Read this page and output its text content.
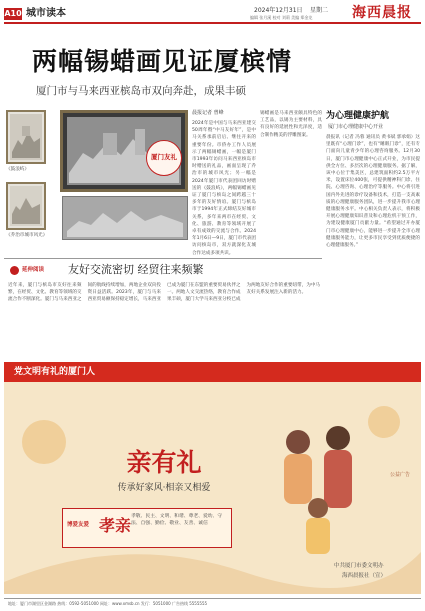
A10 城市读本	2024年12月31日 星期二
编辑 张月溪 校对 刘莉 美编 郑金龙	海西晨报
两幅锡蜡画见证厦槟情
厦门市与马来西亚槟岛市双向奔赴，成果丰硕
《鼓浪屿》
《乔治市城市风光》
厦门友礼
晨报记者 曾峰
2024年是中国与马来西亚建交50周年暨“中马友好年”，是中马关系承前启后、继往开来的重要年份。市侨办工作人员展示了两幅锡蜡画，一幅是厦门市1993年访问马来西亚槟岛市时赠送的礼品，画面呈现了乔治市的城市风光；另一幅是2024年厦门市代表团回访时赠送的《鼓浪屿》，两幅锡蜡画见证了厦门与槟岛之间跨越三十多年的友好情谊。厦门与槟岛市于1994年正式缔结友好城市关系，多年来两市在经贸、文化、旅游、教育等领域开展了卓有成效的交流与合作。2024年1月6日—9日，厦门市代表团访问槟岛市，双方就深化友城合作达成多项共识。
锡蜡画是马来西亚颇具特色的工艺品，以锡为主要材料，具有良好的延展性和光泽度，适合制作精美的浮雕图案。
为心理健康护航
厦门市心理健康中心开业
晨报讯（记者 冯蓉 通讯员 黄书斌 郭承娟）这里既有“心理门诊”，也有“睡眠门诊”，还有专门面向儿童青少年的心理咨询服务。12月30日，厦门市心理健康中心正式开业，为市民提供全方位、多层次的心理健康服务。据了解，该中心位于集美区，总建筑面积约2.5万平方米，设置床位400张，可提供精神科门诊、住院、心理咨询、心理治疗等服务。中心将引进国内外先进的诊疗设备和技术，打造一支高素质的心理健康服务团队，进一步提升我市心理健康服务水平。中心相关负责人表示，将积极开展心理健康知识普及和心理危机干预工作，为建设健康厦门贡献力量。“希望通过开办厦门市心理健康中心，能够进一步提升全市心理健康服务能力，让更多市民享受到优质便捷的心理健康服务。”
延伸阅读 友好交流密切 经贸往来频繁
近年来，厦门与槟岛市友好往来频繁，在经贸、文化、教育等领域的交流合作不断深化。厦门与马来西亚之间的航线持续增加，两地企业双向投资日益活跃。2023年，厦门与马来西亚贸易额保持稳定增长，马来西亚已成为厦门在东盟的重要贸易伙伴之一。两地人文交流热络，教育合作成果丰硕，厦门大学马来西亚分校已成为两地友好合作的重要纽带，为中马友好关系发展注入新的活力。
党文明有礼的厦门人
亲有礼
传承好家风·相亲又相爱
博爱友爱 孝亲 孝敬、民主、文明、和谐、尊老、爱幼、守法、自强、勤俭、敬业、友善、诚信
公益广告
中共厦门市委文明办
海西晨报社（宣）
地址：厦门市湖里区金湖路 热线：0592-5051000 网址：www.xmsb.cn 发行：5051000 广告热线 5555555
